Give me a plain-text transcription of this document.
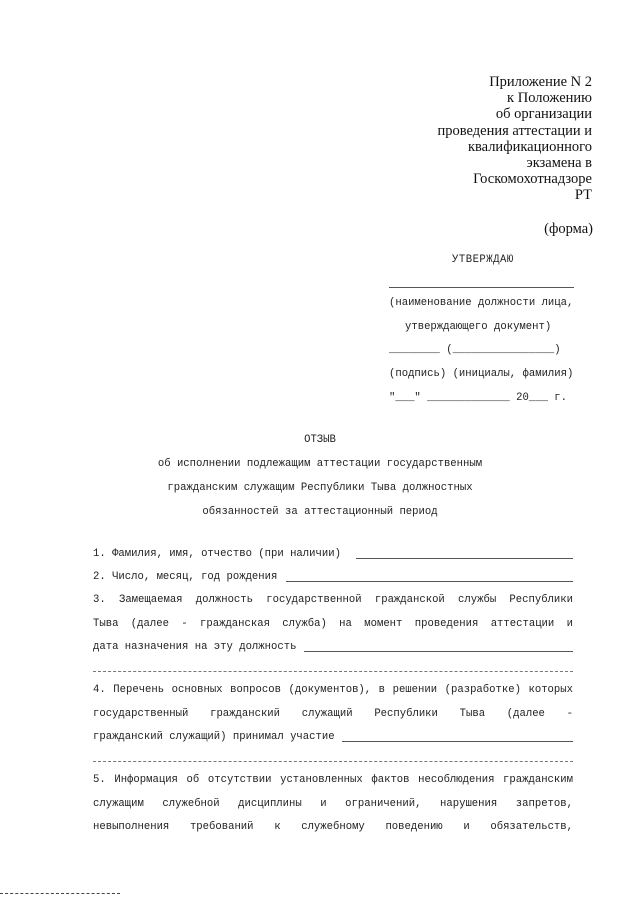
Приложение N 2
к Положению
об организации
проведения аттестации и
квалификационного
экзамена в
Госкомохотнадзоре
РТ
(форма)
УТВЕРЖДАЮ
(наименование должности лица,
утверждающего документ)
________ (________________)
(подпись) (инициалы, фамилия)
"___" _____________ 20___ г.
ОТЗЫВ
об исполнении подлежащим аттестации государственным
гражданским служащим Республики Тыва должностных
обязанностей за аттестационный период
1. Фамилия, имя, отчество (при наличии)
2. Число, месяц, год рождения
3. Замещаемая должность государственной гражданской службы Республики
Тыва (далее - гражданская служба) на момент проведения аттестации и
дата назначения на эту должность
4. Перечень основных вопросов (документов), в решении (разработке) которых
государственный гражданский служащий Республики Тыва (далее -
гражданский служащий) принимал участие
5. Информация об отсутствии установленных фактов несоблюдения гражданским
служащим служебной дисциплины и ограничений, нарушения запретов,
невыполнения требований к служебному поведению и обязательств,
